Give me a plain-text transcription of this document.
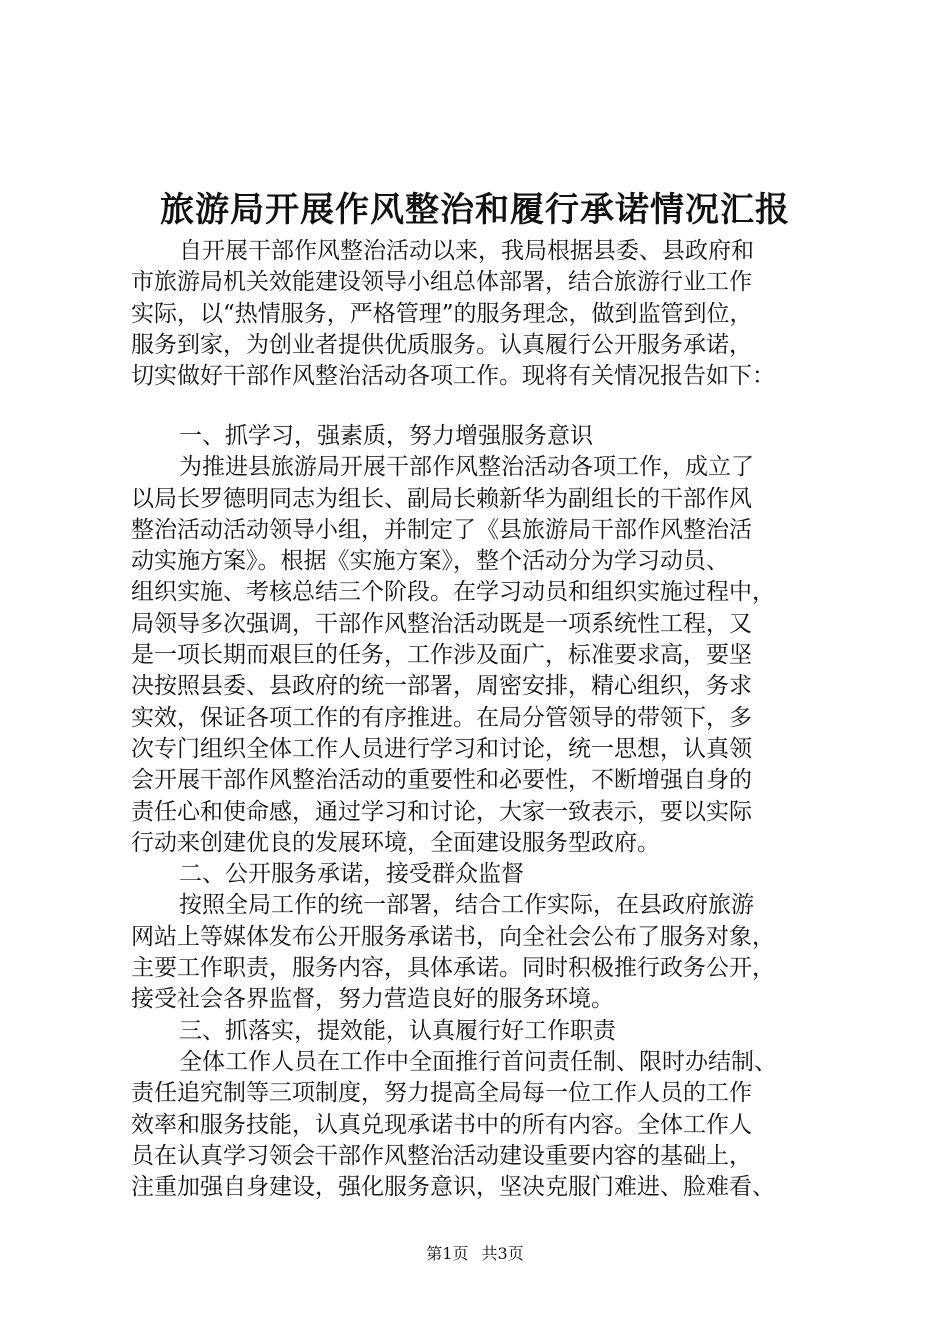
旅游局开展作风整治和履行承诺情况汇报
自开展干部作风整治活动以来，我局根据县委、县政府和
市旅游局机关效能建设领导小组总体部署，结合旅游行业工作
实际，以“热情服务，严格管理”的服务理念，做到监管到位，
服务到家，为创业者提供优质服务。认真履行公开服务承诺，
切实做好干部作风整治活动各项工作。现将有关情况报告如下：
一、抓学习，强素质，努力增强服务意识
为推进县旅游局开展干部作风整治活动各项工作，成立了
以局长罗德明同志为组长、副局长赖新华为副组长的干部作风
整治活动活动领导小组，并制定了《县旅游局干部作风整治活
动实施方案》。根据《实施方案》，整个活动分为学习动员、
组织实施、考核总结三个阶段。在学习动员和组织实施过程中，
局领导多次强调，干部作风整治活动既是一项系统性工程，又
是一项长期而艰巨的任务，工作涉及面广，标准要求高，要坚
决按照县委、县政府的统一部署，周密安排，精心组织，务求
实效，保证各项工作的有序推进。在局分管领导的带领下，多
次专门组织全体工作人员进行学习和讨论，统一思想，认真领
会开展干部作风整治活动的重要性和必要性，不断增强自身的
责任心和使命感，通过学习和讨论，大家一致表示，要以实际
行动来创建优良的发展环境，全面建设服务型政府。
二、公开服务承诺，接受群众监督
按照全局工作的统一部署，结合工作实际，在县政府旅游
网站上等媒体发布公开服务承诺书，向全社会公布了服务对象，
主要工作职责，服务内容，具体承诺。同时积极推行政务公开，
接受社会各界监督，努力营造良好的服务环境。
三、抓落实，提效能，认真履行好工作职责
全体工作人员在工作中全面推行首问责任制、限时办结制、
责任追究制等三项制度，努力提高全局每一位工作人员的工作
效率和服务技能，认真兑现承诺书中的所有内容。全体工作人
员在认真学习领会干部作风整治活动建设重要内容的基础上，
注重加强自身建设，强化服务意识，坚决克服门难进、脸难看、
第1页 共3页
